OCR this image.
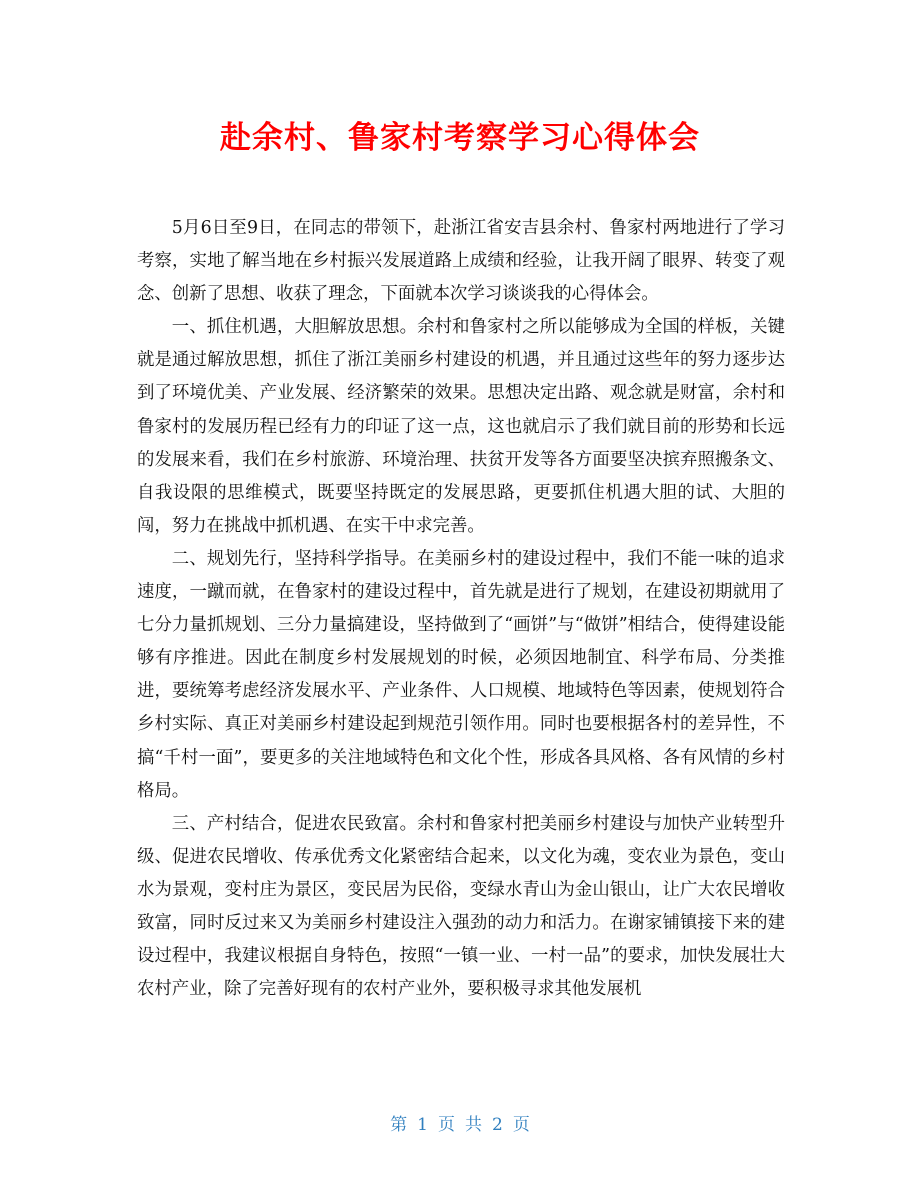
赴余村、鲁家村考察学习心得体会

5月6日至9日，在同志的带领下，赴浙江省安吉县余村、鲁家村两地进行了学习考察，实地了解当地在乡村振兴发展道路上成绩和经验，让我开阔了眼界、转变了观念、创新了思想、收获了理念，下面就本次学习谈谈我的心得体会。

一、抓住机遇，大胆解放思想。余村和鲁家村之所以能够成为全国的样板，关键就是通过解放思想，抓住了浙江美丽乡村建设的机遇，并且通过这些年的努力逐步达到了环境优美、产业发展、经济繁荣的效果。思想决定出路、观念就是财富，余村和鲁家村的发展历程已经有力的印证了这一点，这也就启示了我们就目前的形势和长远的发展来看，我们在乡村旅游、环境治理、扶贫开发等各方面要坚决摈弃照搬条文、自我设限的思维模式，既要坚持既定的发展思路，更要抓住机遇大胆的试、大胆的闯，努力在挑战中抓机遇、在实干中求完善。

二、规划先行，坚持科学指导。在美丽乡村的建设过程中，我们不能一味的追求速度，一蹴而就，在鲁家村的建设过程中，首先就是进行了规划，在建设初期就用了七分力量抓规划、三分力量搞建设，坚持做到了“画饼”与“做饼”相结合，使得建设能够有序推进。因此在制度乡村发展规划的时候，必须因地制宜、科学布局、分类推进，要统筹考虑经济发展水平、产业条件、人口规模、地域特色等因素，使规划符合乡村实际、真正对美丽乡村建设起到规范引领作用。同时也要根据各村的差异性，不搞“千村一面”，要更多的关注地域特色和文化个性，形成各具风格、各有风情的乡村格局。

三、产村结合，促进农民致富。余村和鲁家村把美丽乡村建设与加快产业转型升级、促进农民增收、传承优秀文化紧密结合起来，以文化为魂，变农业为景色，变山水为景观，变村庄为景区，变民居为民俗，变绿水青山为金山银山，让广大农民增收致富，同时反过来又为美丽乡村建设注入强劲的动力和活力。在谢家铺镇接下来的建设过程中，我建议根据自身特色，按照“一镇一业、一村一品”的要求，加快发展壮大农村产业，除了完善好现有的农村产业外，要积极寻求其他发展机

第 1 页 共 2 页
